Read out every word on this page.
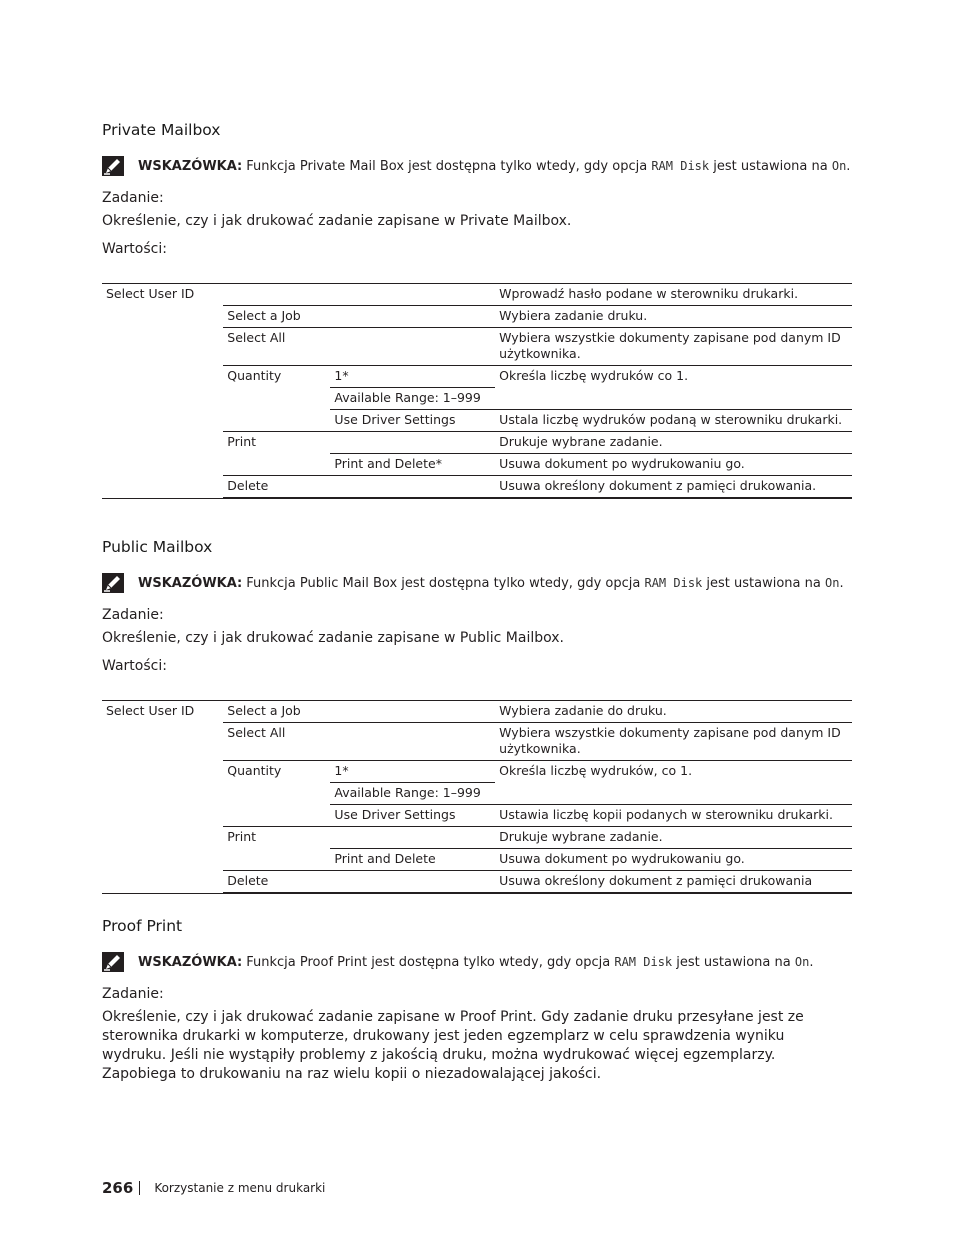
Private Mailbox
WSKAZÓWKA: Funkcja Private Mail Box jest dostępna tylko wtedy, gdy opcja RAM Disk jest ustawiona na On.
Zadanie:
Określenie, czy i jak drukować zadanie zapisane w Private Mailbox.
Wartości:
Select User ID			Wprowadź hasło podane w sterowniku drukarki.
	Select a Job		Wybiera zadanie druku.
	Select All		Wybiera wszystkie dokumenty zapisane pod danym ID użytkownika.
	Quantity	1*	Określa liczbę wydruków co 1.
		Available Range: 1–999	
		Use Driver Settings	Ustala liczbę wydruków podaną w sterowniku drukarki.
	Print		Drukuje wybrane zadanie.
		Print and Delete*	Usuwa dokument po wydrukowaniu go.
	Delete		Usuwa określony dokument z pamięci drukowania.

Public Mailbox
WSKAZÓWKA: Funkcja Public Mail Box jest dostępna tylko wtedy, gdy opcja RAM Disk jest ustawiona na On.
Zadanie:
Określenie, czy i jak drukować zadanie zapisane w Public Mailbox.
Wartości:
Select User ID	Select a Job		Wybiera zadanie do druku.
	Select All		Wybiera wszystkie dokumenty zapisane pod danym ID użytkownika.
	Quantity	1*	Określa liczbę wydruków, co 1.
		Available Range: 1–999	
		Use Driver Settings	Ustawia liczbę kopii podanych w sterowniku drukarki.
	Print		Drukuje wybrane zadanie.
		Print and Delete	Usuwa dokument po wydrukowaniu go.
	Delete		Usuwa określony dokument z pamięci drukowania

Proof Print
WSKAZÓWKA: Funkcja Proof Print jest dostępna tylko wtedy, gdy opcja RAM Disk jest ustawiona na On.
Zadanie:
Określenie, czy i jak drukować zadanie zapisane w Proof Print. Gdy zadanie druku przesyłane jest ze sterownika drukarki w komputerze, drukowany jest jeden egzemplarz w celu sprawdzenia wyniku wydruku. Jeśli nie wystąpiły problemy z jakością druku, można wydrukować więcej egzemplarzy. Zapobiega to drukowaniu na raz wielu kopii o niezadowalającej jakości.
266 Korzystanie z menu drukarki
